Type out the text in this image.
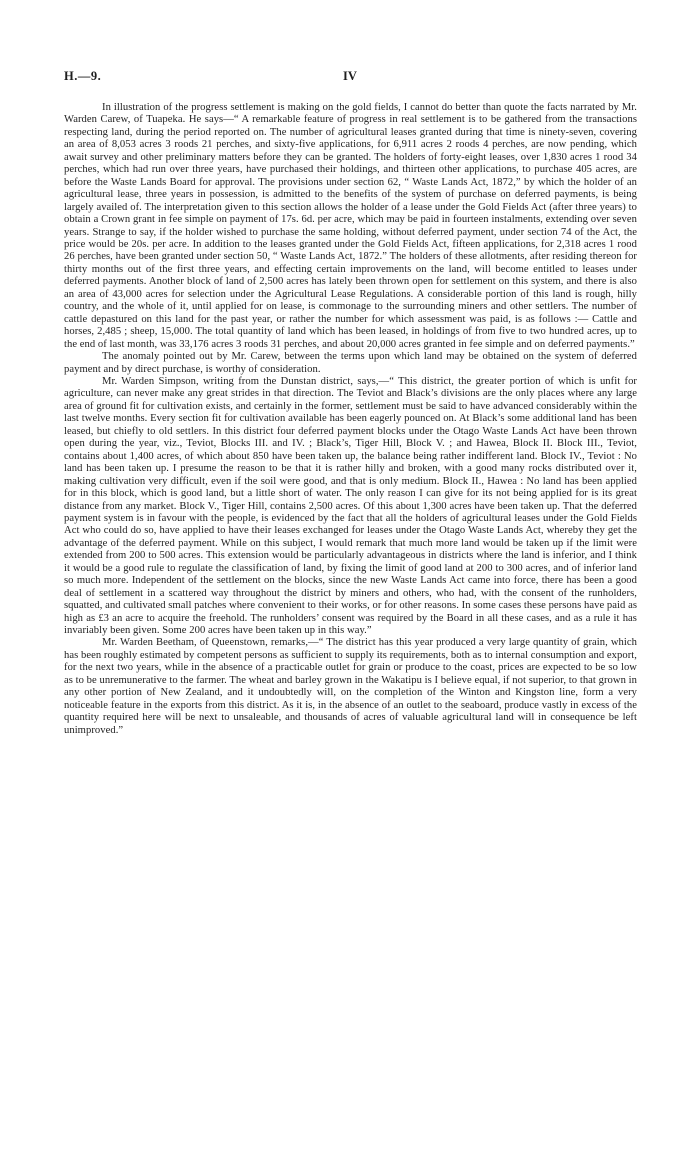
H.—9.	IV

In illustration of the progress settlement is making on the gold fields, I cannot do better than quote the facts narrated by Mr. Warden Carew, of Tuapeka. He says—“ A remarkable feature of progress in real settlement is to be gathered from the transactions respecting land, during the period reported on. The number of agricultural leases granted during that time is ninety-seven, covering an area of 8,053 acres 3 roods 21 perches, and sixty-five applications, for 6,911 acres 2 roods 4 perches, are now pending, which await survey and other preliminary matters before they can be granted. The holders of forty-eight leases, over 1,830 acres 1 rood 34 perches, which had run over three years, have purchased their holdings, and thirteen other applications, to purchase 405 acres, are before the Waste Lands Board for approval. The provisions under section 62, “ Waste Lands Act, 1872,” by which the holder of an agricultural lease, three years in possession, is admitted to the benefits of the system of purchase on deferred payments, is being largely availed of. The interpretation given to this section allows the holder of a lease under the Gold Fields Act (after three years) to obtain a Crown grant in fee simple on payment of 17s. 6d. per acre, which may be paid in fourteen instalments, extending over seven years. Strange to say, if the holder wished to purchase the same holding, without deferred payment, under section 74 of the Act, the price would be 20s. per acre. In addition to the leases granted under the Gold Fields Act, fifteen applications, for 2,318 acres 1 rood 26 perches, have been granted under section 50, “ Waste Lands Act, 1872.” The holders of these allotments, after residing thereon for thirty months out of the first three years, and effecting certain improvements on the land, will become entitled to leases under deferred payments. Another block of land of 2,500 acres has lately been thrown open for settlement on this system, and there is also an area of 43,000 acres for selection under the Agricultural Lease Regulations. A considerable portion of this land is rough, hilly country, and the whole of it, until applied for on lease, is commonage to the surrounding miners and other settlers. The number of cattle depastured on this land for the past year, or rather the number for which assessment was paid, is as follows :— Cattle and horses, 2,485 ; sheep, 15,000. The total quantity of land which has been leased, in holdings of from five to two hundred acres, up to the end of last month, was 33,176 acres 3 roods 31 perches, and about 20,000 acres granted in fee simple and on deferred payments.”

The anomaly pointed out by Mr. Carew, between the terms upon which land may be obtained on the system of deferred payment and by direct purchase, is worthy of consideration.

Mr. Warden Simpson, writing from the Dunstan district, says,—“ This district, the greater portion of which is unfit for agriculture, can never make any great strides in that direction. The Teviot and Black’s divisions are the only places where any large area of ground fit for cultivation exists, and certainly in the former, settlement must be said to have advanced considerably within the last twelve months. Every section fit for cultivation available has been eagerly pounced on. At Black’s some additional land has been leased, but chiefly to old settlers. In this district four deferred payment blocks under the Otago Waste Lands Act have been thrown open during the year, viz., Teviot, Blocks III. and IV. ; Black’s, Tiger Hill, Block V. ; and Hawea, Block II. Block III., Teviot, contains about 1,400 acres, of which about 850 have been taken up, the balance being rather indifferent land. Block IV., Teviot : No land has been taken up. I presume the reason to be that it is rather hilly and broken, with a good many rocks distributed over it, making cultivation very difficult, even if the soil were good, and that is only medium. Block II., Hawea : No land has been applied for in this block, which is good land, but a little short of water. The only reason I can give for its not being applied for is its great distance from any market. Block V., Tiger Hill, contains 2,500 acres. Of this about 1,300 acres have been taken up. That the deferred payment system is in favour with the people, is evidenced by the fact that all the holders of agricultural leases under the Gold Fields Act who could do so, have applied to have their leases exchanged for leases under the Otago Waste Lands Act, whereby they get the advantage of the deferred payment. While on this subject, I would remark that much more land would be taken up if the limit were extended from 200 to 500 acres. This extension would be particularly advantageous in districts where the land is inferior, and I think it would be a good rule to regulate the classification of land, by fixing the limit of good land at 200 to 300 acres, and of inferior land so much more. Independent of the settlement on the blocks, since the new Waste Lands Act came into force, there has been a good deal of settlement in a scattered way throughout the district by miners and others, who had, with the consent of the runholders, squatted, and cultivated small patches where convenient to their works, or for other reasons. In some cases these persons have paid as high as £3 an acre to acquire the freehold. The runholders’ consent was required by the Board in all these cases, and as a rule it has invariably been given. Some 200 acres have been taken up in this way.”

Mr. Warden Beetham, of Queenstown, remarks,—“ The district has this year produced a very large quantity of grain, which has been roughly estimated by competent persons as sufficient to supply its requirements, both as to internal consumption and export, for the next two years, while in the absence of a practicable outlet for grain or produce to the coast, prices are expected to be so low as to be unremunerative to the farmer. The wheat and barley grown in the Wakatipu is I believe equal, if not superior, to that grown in any other portion of New Zealand, and it undoubtedly will, on the completion of the Winton and Kingston line, form a very noticeable feature in the exports from this district. As it is, in the absence of an outlet to the seaboard, produce vastly in excess of the quantity required here will be next to unsaleable, and thousands of acres of valuable agricultural land will in consequence be left unimproved.”
